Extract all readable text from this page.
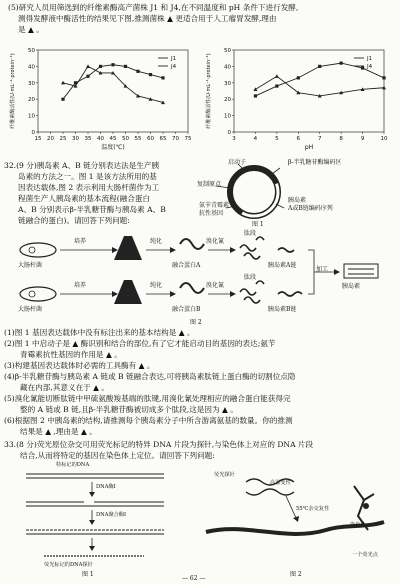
(5)研究人员用筛选到的纤维素酶高产菌株 J1 和 J4,在不同温度和 pH 条件下进行发酵,
测得发酵液中酶活性的结果见下图,推测菌株 ▲ 更适合用于人工瘤胃发酵,理由
是 ▲ 。
0
10
20
30
40
50
15 20 25 30 35 40 45 50 55 60 65 70 75
温度(℃)
纤维素酶活性(U·mL⁻¹·protein⁻¹)	J1
J4
0
10
20
30
40
50
3	4	5	6	7	8	9	10
pH
纤维素酶活性(U·mL⁻¹·protein⁻¹)	J1
J4
32.(9 分)胰岛素 A、B 链分别表达法是生产胰
岛素的方法之一。图 1 是该方法所用的基
因表达载体,图 2 表示利用大肠杆菌作为工
程菌生产人胰岛素的基本流程(融合蛋白
A、B 分别表示β-半乳糖苷酶与胰岛素 A、B
链融合的蛋白)。请回答下列问题:
启动子	β-半乳糖苷酶编码区
复制原点
氨苄青霉素
抗性基因
胰岛素
A或B链编码序列
图 1
培养	纯化	溴化氰
肽段
大肠杆菌	融合蛋白A	胰岛素A链
加工
胰岛素
培养	纯化	溴化氰
肽段
大肠杆菌	融合蛋白B	胰岛素B链
图 2
(1)图 1 基因表达载体中没有标注出来的基本结构是 ▲ 。
(2)图 1 中启动子是 ▲ 酶识别和结合的部位,有了它才能启动目的基因的表达;氨苄
青霉素抗性基因的作用是 ▲ 。
(3)构建基因表达载体时必需的工具酶有 ▲ 。
(4)β-半乳糖苷酶与胰岛素 A 链或 B 链融合表达,可将胰岛素肽链上蛋白酶的切割位点隐
藏在内部,其意义在于 ▲ 。
(5)溴化氰能切断肽链中甲硫氨酸羧基端的肽键,用溴化氰处理相应的融合蛋白能获得完
整的 A 链或 B 链,且β-半乳糖苷酶被切成多个肽段,这是因为 ▲ 。
(6)根据图 2 中胰岛素的结构,请推测每个胰岛素分子中所含游离氨基的数量。你的推测
结果是 ▲ ,理由是 ▲ 。
33.(8 分)荧光原位杂交可用荧光标记的特异 DNA 片段为探针,与染色体上对应的 DNA 片段
结合,从而将特定的基因在染色体上定位。请回答下列问题:
特标记的DNA
DNA酶Ⅰ
DNA聚合酶Ⅰ
荧光标记的DNA探针
图 1
荧光探针
高温变性
55℃杂交复性
染色体
一个荧光点
图 2
— 62 —
